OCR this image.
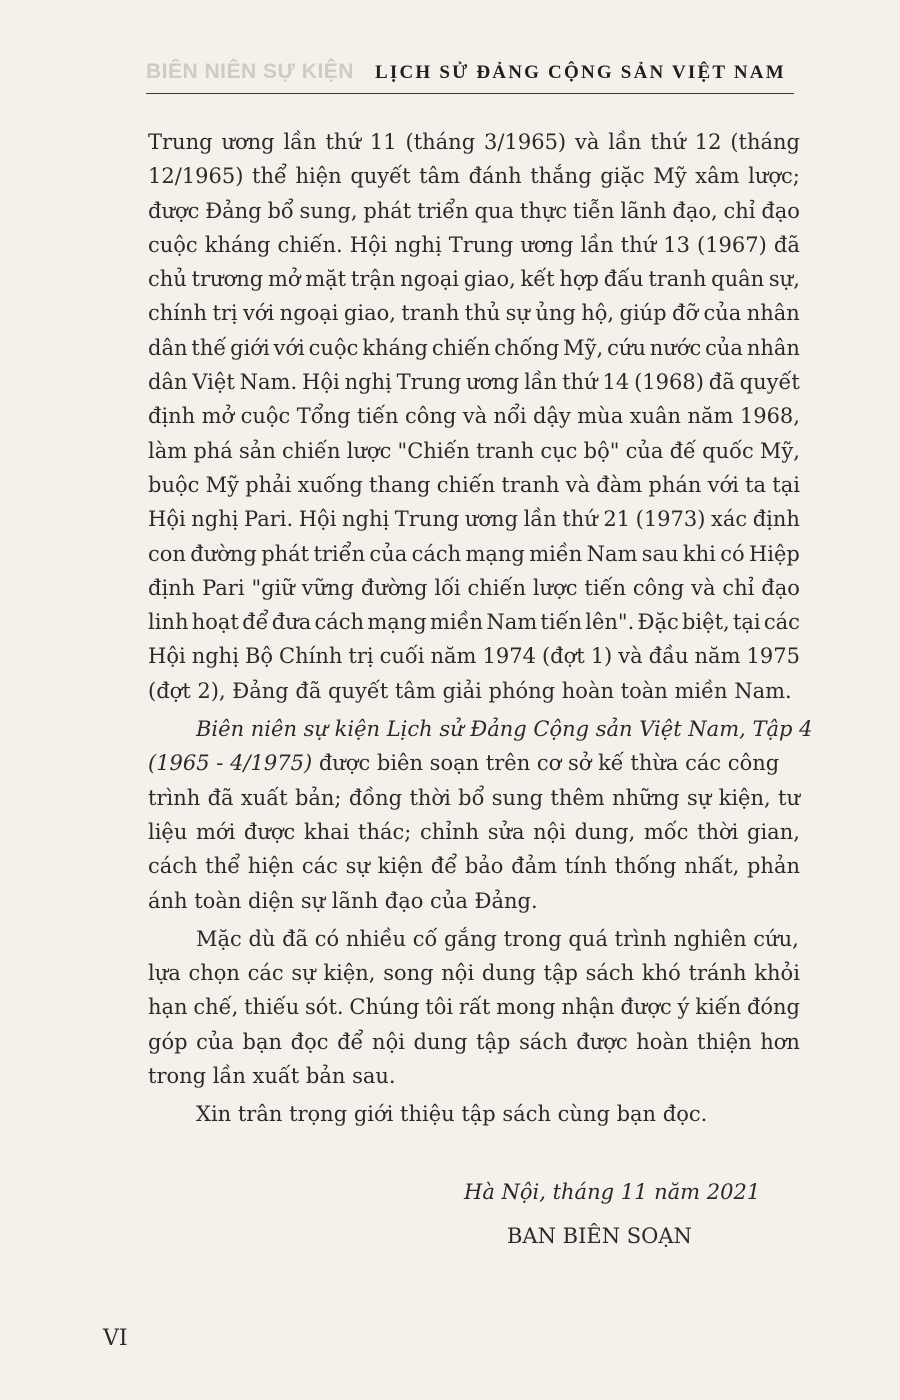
BIÊN NIÊN SỰ KIỆN LỊCH SỬ ĐẢNG CỘNG SẢN VIỆT NAM

Trung ương lần thứ 11 (tháng 3/1965) và lần thứ 12 (tháng
12/1965) thể hiện quyết tâm đánh thắng giặc Mỹ xâm lược;
được Đảng bổ sung, phát triển qua thực tiễn lãnh đạo, chỉ đạo
cuộc kháng chiến. Hội nghị Trung ương lần thứ 13 (1967) đã
chủ trương mở mặt trận ngoại giao, kết hợp đấu tranh quân sự,
chính trị với ngoại giao, tranh thủ sự ủng hộ, giúp đỡ của nhân
dân thế giới với cuộc kháng chiến chống Mỹ, cứu nước của nhân
dân Việt Nam. Hội nghị Trung ương lần thứ 14 (1968) đã quyết
định mở cuộc Tổng tiến công và nổi dậy mùa xuân năm 1968,
làm phá sản chiến lược "Chiến tranh cục bộ" của đế quốc Mỹ,
buộc Mỹ phải xuống thang chiến tranh và đàm phán với ta tại
Hội nghị Pari. Hội nghị Trung ương lần thứ 21 (1973) xác định
con đường phát triển của cách mạng miền Nam sau khi có Hiệp
định Pari "giữ vững đường lối chiến lược tiến công và chỉ đạo
linh hoạt để đưa cách mạng miền Nam tiến lên". Đặc biệt, tại các
Hội nghị Bộ Chính trị cuối năm 1974 (đợt 1) và đầu năm 1975
(đợt 2), Đảng đã quyết tâm giải phóng hoàn toàn miền Nam.

Biên niên sự kiện Lịch sử Đảng Cộng sản Việt Nam, Tập 4
(1965 - 4/1975) được biên soạn trên cơ sở kế thừa các công
trình đã xuất bản; đồng thời bổ sung thêm những sự kiện, tư
liệu mới được khai thác; chỉnh sửa nội dung, mốc thời gian,
cách thể hiện các sự kiện để bảo đảm tính thống nhất, phản
ánh toàn diện sự lãnh đạo của Đảng.

Mặc dù đã có nhiều cố gắng trong quá trình nghiên cứu,
lựa chọn các sự kiện, song nội dung tập sách khó tránh khỏi
hạn chế, thiếu sót. Chúng tôi rất mong nhận được ý kiến đóng
góp của bạn đọc để nội dung tập sách được hoàn thiện hơn
trong lần xuất bản sau.

Xin trân trọng giới thiệu tập sách cùng bạn đọc.

Hà Nội, tháng 11 năm 2021
BAN BIÊN SOẠN
VI
